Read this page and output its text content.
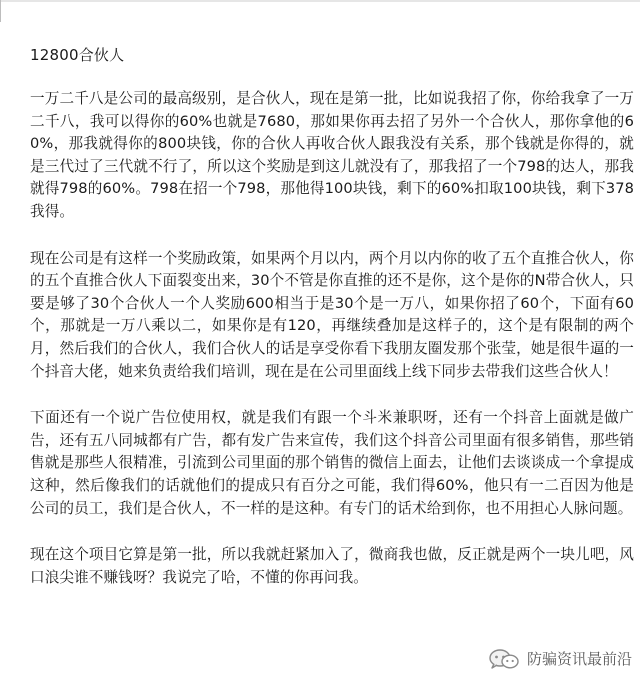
12800合伙人

一万二千八是公司的最高级别，是合伙人，现在是第一批，比如说我招了你，你给我拿了一万二千八，我可以得你的60%也就是7680，那如果你再去招了另外一个合伙人，那你拿他的60%，那我就得你的800块钱，你的合伙人再收合伙人跟我没有关系，那个钱就是你得的，就是三代过了三代就不行了，所以这个奖励是到这儿就没有了，那我招了一个798的达人，那我就得798的60%。798在招一个798，那他得100块钱，剩下的60%扣取100块钱，剩下378我得。

现在公司是有这样一个奖励政策，如果两个月以内，两个月以内你的收了五个直推合伙人，你的五个直推合伙人下面裂变出来，30个不管是你直推的还不是你，这个是你的N带合伙人，只要是够了30个合伙人一个人奖励600相当于是30个是一万八，如果你招了60个，下面有60个，那就是一万八乘以二，如果你是有120，再继续叠加是这样子的，这个是有限制的两个月，然后我们的合伙人，我们合伙人的话是享受你看下我朋友圈发那个张莹，她是很牛逼的一个抖音大佬，她来负责给我们培训，现在是在公司里面线上线下同步去带我们这些合伙人！

下面还有一个说广告位使用权，就是我们有跟一个斗米兼职呀，还有一个抖音上面就是做广告，还有五八同城都有广告，都有发广告来宣传，我们这个抖音公司里面有很多销售，那些销售就是那些人很精准，引流到公司里面的那个销售的微信上面去，让他们去谈谈成一个拿提成这种，然后像我们的话就他们的提成只有百分之可能，我们得60%，他只有一二百因为他是公司的员工，我们是合伙人，不一样的是这种。有专门的话术给到你，也不用担心人脉问题。

现在这个项目它算是第一批，所以我就赶紧加入了，微商我也做，反正就是两个一块儿吧，风口浪尖谁不赚钱呀？我说完了哈，不懂的你再问我。

防骗资讯最前沿
